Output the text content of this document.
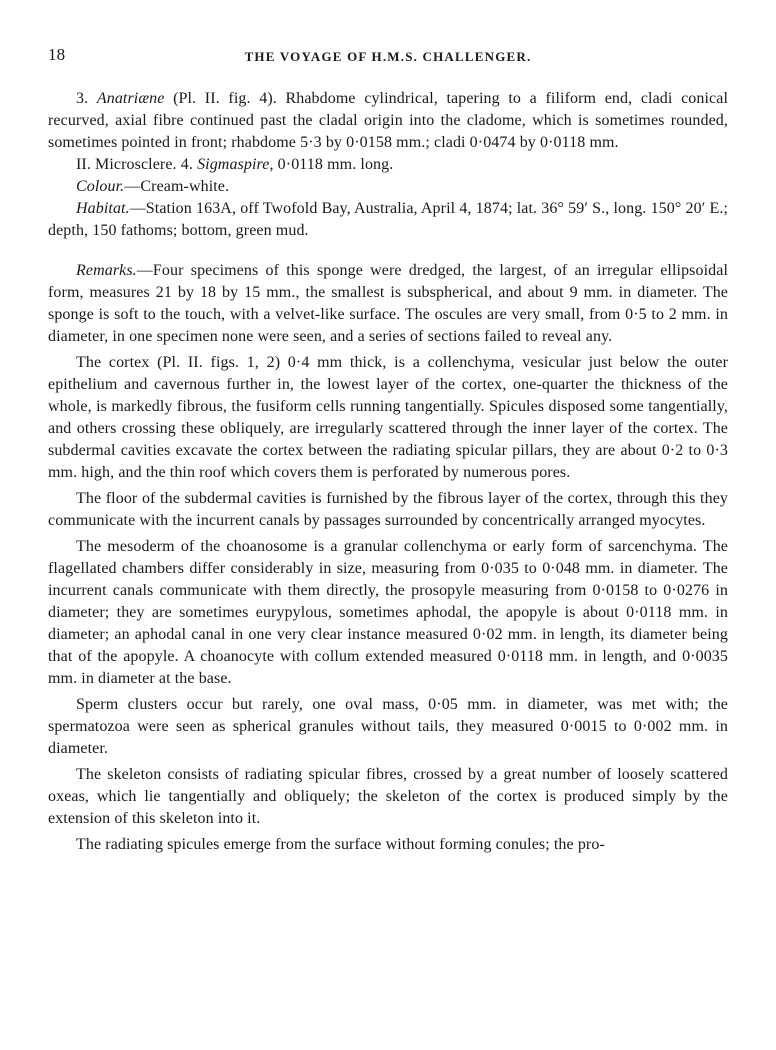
18	THE VOYAGE OF H.M.S. CHALLENGER.

3. Anatriæne (Pl. II. fig. 4). Rhabdome cylindrical, tapering to a filiform end, cladi conical recurved, axial fibre continued past the cladal origin into the cladome, which is sometimes rounded, sometimes pointed in front; rhabdome 5·3 by 0·0158 mm.; cladi 0·0474 by 0·0118 mm.

II. Microsclere. 4. Sigmaspire, 0·0118 mm. long.

Colour.—Cream-white.

Habitat.—Station 163A, off Twofold Bay, Australia, April 4, 1874; lat. 36° 59′ S., long. 150° 20′ E.; depth, 150 fathoms; bottom, green mud.

Remarks.—Four specimens of this sponge were dredged, the largest, of an irregular ellipsoidal form, measures 21 by 18 by 15 mm., the smallest is subspherical, and about 9 mm. in diameter. The sponge is soft to the touch, with a velvet-like surface. The oscules are very small, from 0·5 to 2 mm. in diameter, in one specimen none were seen, and a series of sections failed to reveal any.

The cortex (Pl. II. figs. 1, 2) 0·4 mm thick, is a collenchyma, vesicular just below the outer epithelium and cavernous further in, the lowest layer of the cortex, one-quarter the thickness of the whole, is markedly fibrous, the fusiform cells running tangentially. Spicules disposed some tangentially, and others crossing these obliquely, are irregularly scattered through the inner layer of the cortex. The subdermal cavities excavate the cortex between the radiating spicular pillars, they are about 0·2 to 0·3 mm. high, and the thin roof which covers them is perforated by numerous pores.

The floor of the subdermal cavities is furnished by the fibrous layer of the cortex, through this they communicate with the incurrent canals by passages surrounded by concentrically arranged myocytes.

The mesoderm of the choanosome is a granular collenchyma or early form of sarcenchyma. The flagellated chambers differ considerably in size, measuring from 0·035 to 0·048 mm. in diameter. The incurrent canals communicate with them directly, the prosopyle measuring from 0·0158 to 0·0276 in diameter; they are sometimes eurypylous, sometimes aphodal, the apopyle is about 0·0118 mm. in diameter; an aphodal canal in one very clear instance measured 0·02 mm. in length, its diameter being that of the apopyle. A choanocyte with collum extended measured 0·0118 mm. in length, and 0·0035 mm. in diameter at the base.

Sperm clusters occur but rarely, one oval mass, 0·05 mm. in diameter, was met with; the spermatozoa were seen as spherical granules without tails, they measured 0·0015 to 0·002 mm. in diameter.

The skeleton consists of radiating spicular fibres, crossed by a great number of loosely scattered oxeas, which lie tangentially and obliquely; the skeleton of the cortex is produced simply by the extension of this skeleton into it.

The radiating spicules emerge from the surface without forming conules; the pro-
